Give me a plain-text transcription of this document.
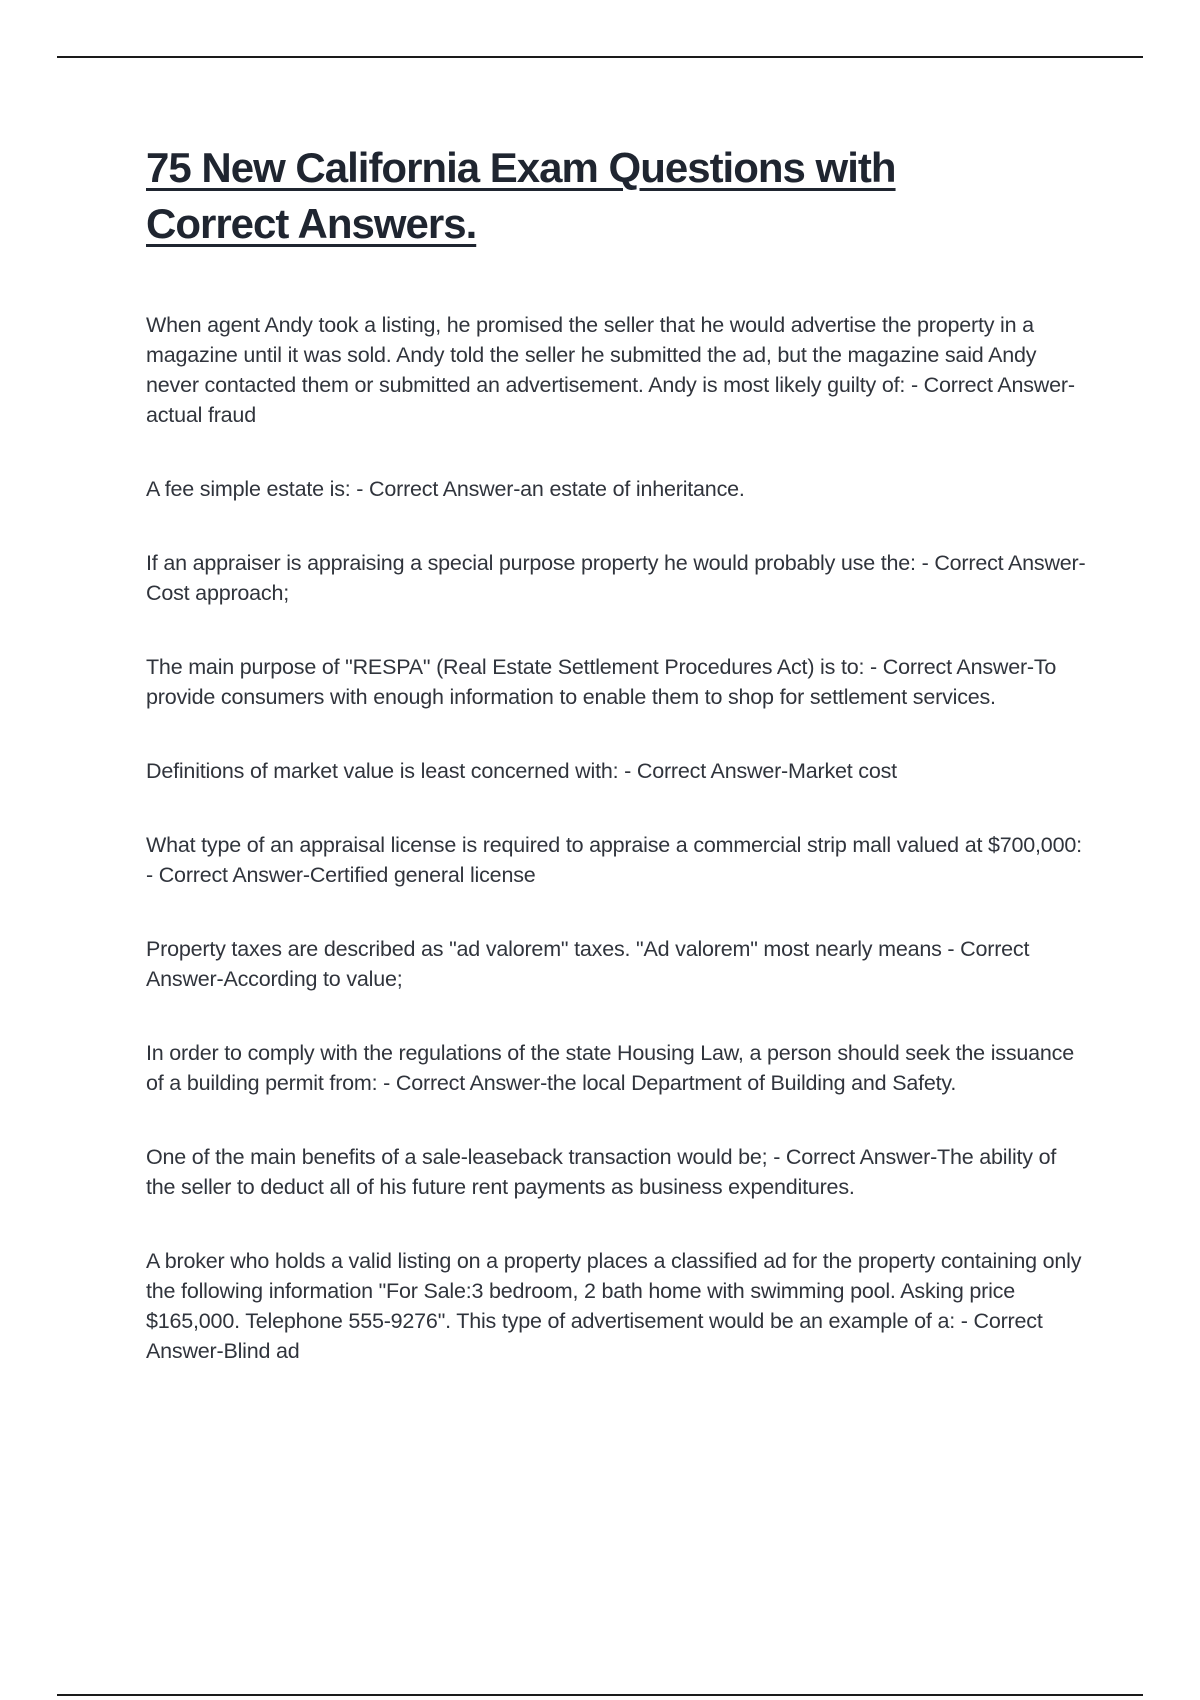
75 New California Exam Questions with Correct Answers.
When agent Andy took a listing, he promised the seller that he would advertise the property in a magazine until it was sold. Andy told the seller he submitted the ad, but the magazine said Andy never contacted them or submitted an advertisement. Andy is most likely guilty of: - Correct Answer-actual fraud
A fee simple estate is: - Correct Answer-an estate of inheritance.
If an appraiser is appraising a special purpose property he would probably use the: - Correct Answer-Cost approach;
The main purpose of "RESPA" (Real Estate Settlement Procedures Act) is to: - Correct Answer-To provide consumers with enough information to enable them to shop for settlement services.
Definitions of market value is least concerned with: - Correct Answer-Market cost
What type of an appraisal license is required to appraise a commercial strip mall valued at $700,000: - Correct Answer-Certified general license
Property taxes are described as "ad valorem" taxes. "Ad valorem" most nearly means - Correct Answer-According to value;
In order to comply with the regulations of the state Housing Law, a person should seek the issuance of a building permit from: - Correct Answer-the local Department of Building and Safety.
One of the main benefits of a sale-leaseback transaction would be; - Correct Answer-The ability of the seller to deduct all of his future rent payments as business expenditures.
A broker who holds a valid listing on a property places a classified ad for the property containing only the following information "For Sale:3 bedroom, 2 bath home with swimming pool. Asking price $165,000. Telephone 555-9276". This type of advertisement would be an example of a: - Correct Answer-Blind ad
